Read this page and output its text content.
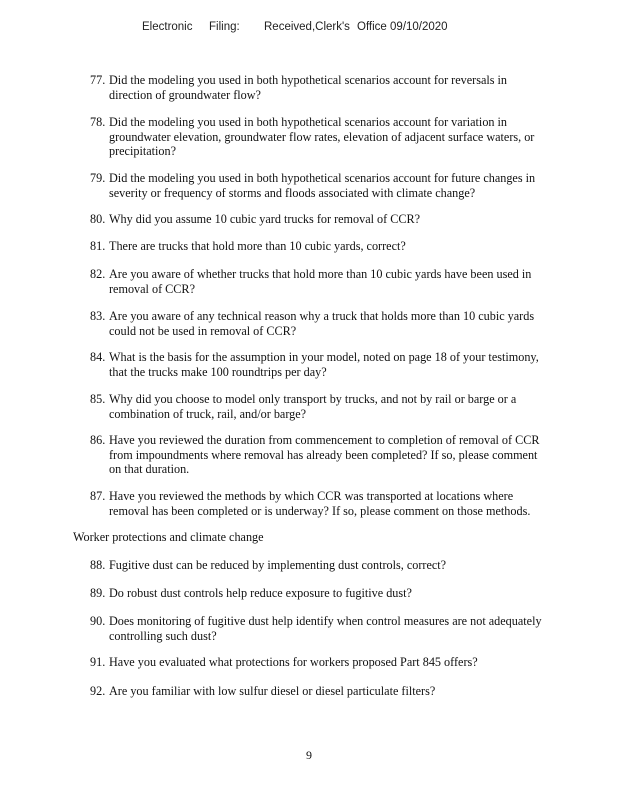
Electronic Filing: Received,Clerk's Office 09/10/2020
77. Did the modeling you used in both hypothetical scenarios account for reversals in
direction of groundwater flow?
78. Did the modeling you used in both hypothetical scenarios account for variation in
groundwater elevation, groundwater flow rates, elevation of adjacent surface waters, or
precipitation?
79. Did the modeling you used in both hypothetical scenarios account for future changes in
severity or frequency of storms and floods associated with climate change?
80. Why did you assume 10 cubic yard trucks for removal of CCR?
81. There are trucks that hold more than 10 cubic yards, correct?
82. Are you aware of whether trucks that hold more than 10 cubic yards have been used in
removal of CCR?
83. Are you aware of any technical reason why a truck that holds more than 10 cubic yards
could not be used in removal of CCR?
84. What is the basis for the assumption in your model, noted on page 18 of your testimony,
that the trucks make 100 roundtrips per day?
85. Why did you choose to model only transport by trucks, and not by rail or barge or a
combination of truck, rail, and/or barge?
86. Have you reviewed the duration from commencement to completion of removal of CCR
from impoundments where removal has already been completed? If so, please comment
on that duration.
87. Have you reviewed the methods by which CCR was transported at locations where
removal has been completed or is underway? If so, please comment on those methods.
Worker protections and climate change
88. Fugitive dust can be reduced by implementing dust controls, correct?
89. Do robust dust controls help reduce exposure to fugitive dust?
90. Does monitoring of fugitive dust help identify when control measures are not adequately
controlling such dust?
91. Have you evaluated what protections for workers proposed Part 845 offers?
92. Are you familiar with low sulfur diesel or diesel particulate filters?
9
